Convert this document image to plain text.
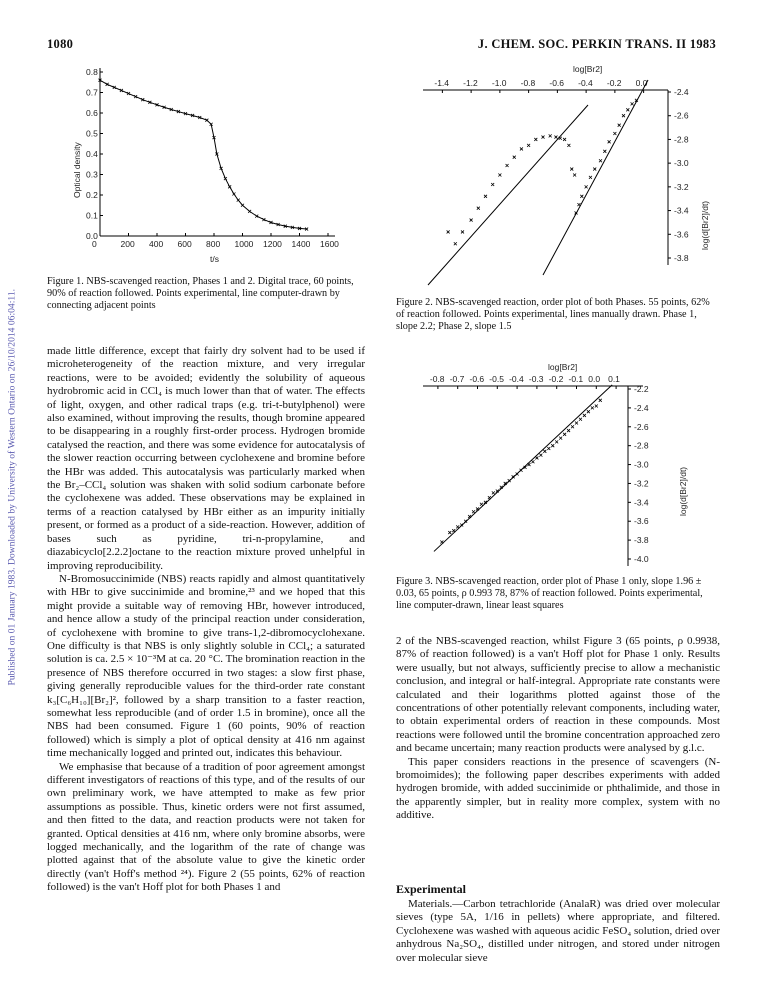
1080	J. CHEM. SOC. PERKIN TRANS. II 1983
Published on 01 January 1983. Downloaded by University of Western Ontario on 26/10/2014 06:04:11.
0	200 400 600 800 1000 1200 1400 1600
0.0
0.1
0.2
0.3
0.4
0.5
0.6
0.7
0.8
t/s
Optical density
Figure 1. NBS-scavenged reaction, Phases 1 and 2. Digital trace, 60 points, 90% of reaction followed. Points experimental, line computer-drawn by connecting adjacent points
log[Br2]
-1.4 -1.2 -1.0 -0.8 -0.6 -0.4 -0.2 0.0
-2.4
-2.6
-2.8
-3.0
-3.2
-3.4
-3.6
-3.8
log(d[Br2]/dt)
Figure 2. NBS-scavenged reaction, order plot of both Phases. 55 points, 62% of reaction followed. Points experimental, lines manually drawn. Phase 1, slope 2.2; Phase 2, slope 1.5
log[Br2]
-0.8 -0.7 -0.6 -0.5 -0.4 -0.3 -0.2 -0.1 0.0 0.1
-2.2
-2.4
-2.6
-2.8
-3.0
-3.2
-3.4
-3.6
-3.8
-4.0
log(d[Br2]/dt)
Figure 3. NBS-scavenged reaction, order plot of Phase 1 only, slope 1.96 ± 0.03, 65 points, ρ 0.993 78, 87% of reaction followed. Points experimental, line computer-drawn, linear least squares

made little difference, except that fairly dry solvent had to be used if microheterogeneity of the reaction mixture, and very irregular reactions, were to be avoided; evidently the solubility of aqueous hydrobromic acid in CCl₄ is much lower than that of water. The effects of light, oxygen, and other radical traps (e.g. tri-t-butylphenol) were also examined, without improving the results, though bromine appeared to be disappearing in a roughly first-order process. Hydrogen bromide catalysed the reaction, and there was some evidence for autocatalysis of the slower reaction occurring between cyclohexene and bromine before the HBr was added. This autocatalysis was particularly marked when the Br₂–CCl₄ solution was shaken with solid sodium carbonate before the cyclohexene was added. These observations may be explained in terms of a reaction catalysed by HBr either as an impurity initially present, or formed as a product of a side-reaction. However, addition of bases such as pyridine, tri-n-propylamine, and diazabicyclo[2.2.2]octane to the reaction mixture proved unhelpful in improving reproducibility.

N-Bromosuccinimide (NBS) reacts rapidly and almost quantitatively with HBr to give succinimide and bromine,²³ and we hoped that this might provide a suitable way of removing HBr, however introduced, and hence allow a study of the principal reaction under consideration, of cyclohexene with bromine to give trans-1,2-dibromocyclohexane. One difficulty is that NBS is only slightly soluble in CCl₄; a saturated solution is ca. 2.5 × 10⁻³M at ca. 20 °C. The bromination reaction in the presence of NBS therefore occurred in two stages: a slow first phase, giving generally reproducible values for the third-order rate constant k₃[C₆H₁₀][Br₂]², followed by a sharp transition to a faster reaction, somewhat less reproducible (and of order 1.5 in bromine), once all the NBS had been consumed. Figure 1 (60 points, 90% of reaction followed) which is simply a plot of optical density at 416 nm against time mechanically logged and printed out, indicates this behaviour.

We emphasise that because of a tradition of poor agreement amongst different investigators of reactions of this type, and of the results of our own preliminary work, we have attempted to make as few prior assumptions as possible. Thus, kinetic orders were not first assumed, and then fitted to the data, and reaction products were not taken for granted. Optical densities at 416 nm, where only bromine absorbs, were logged mechanically, and the logarithm of the rate of change was plotted against that of the absolute value to give the kinetic order directly (van't Hoff's method ²⁴). Figure 2 (55 points, 62% of reaction followed) is the van't Hoff plot for both Phases 1 and

2 of the NBS-scavenged reaction, whilst Figure 3 (65 points, ρ 0.9938, 87% of reaction followed) is a van't Hoff plot for Phase 1 only. Results were usually, but not always, sufficiently precise to allow a mechanistic conclusion, and integral or half-integral. Appropriate rate constants were calculated and their logarithms plotted against those of the concentrations of other potentially relevant components, including water, to obtain experimental orders of reaction in these compounds. Most reactions were followed until the bromine concentration approached zero and became uncertain; many reaction products were analysed by g.l.c.

This paper considers reactions in the presence of scavengers (N-bromoimides); the following paper describes experiments with added hydrogen bromide, with added succinimide or phthalimide, and those in the apparently simpler, but in reality more complex, system with no additive.

Experimental

Materials.—Carbon tetrachloride (AnalaR) was dried over molecular sieves (type 5A, 1/16 in pellets) where appropriate, and filtered. Cyclohexene was washed with aqueous acidic FeSO₄ solution, dried over anhydrous Na₂SO₄, distilled under nitrogen, and stored under nitrogen over molecular sieve
